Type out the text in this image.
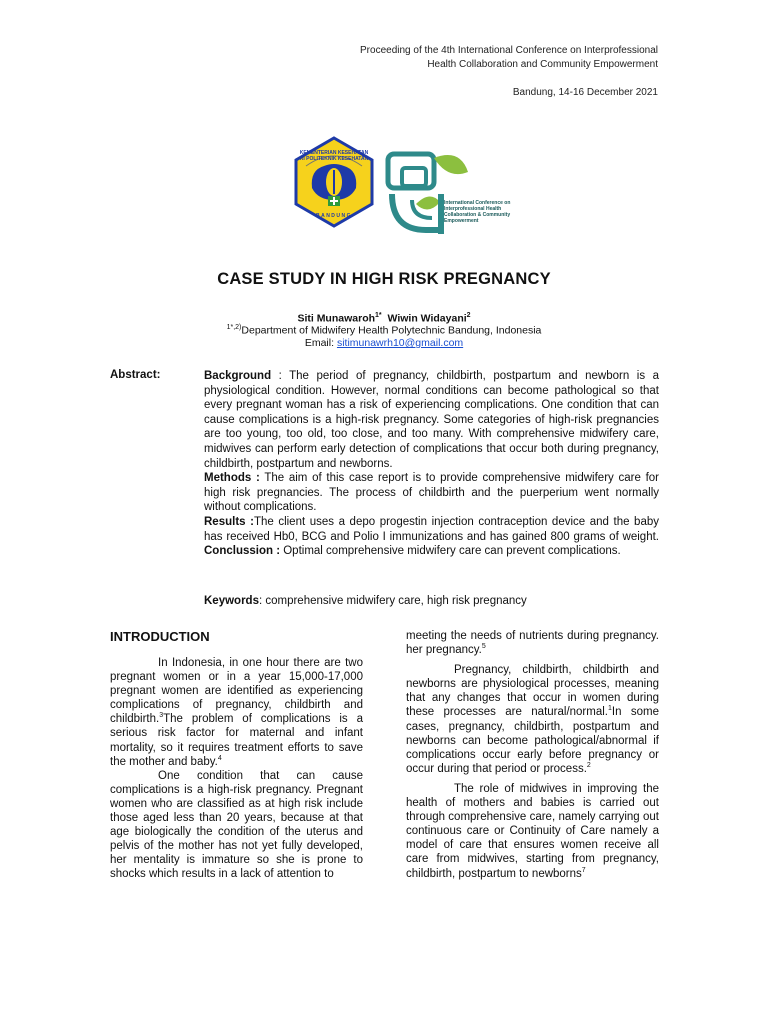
Proceeding of the 4th International Conference on Interprofessional
Health Collaboration and Community Empowerment
Bandung, 14-16 December 2021
KEMENTERIAN KESEHATAN RI POLITEKNIK KESEHATAN
BANDUNG
International Conference on Interprofessional Health Collaboration & Community Empowerment
CASE STUDY IN HIGH RISK PREGNANCY
Siti Munawaroh$^{1*}$ Wiwin Widayani$^2$
$^{1*,2)}$Department of Midwifery Health Polytechnic Bandung, Indonesia
Email: sitimunawrh10@gmail.com
Abstract:	Background : The period of pregnancy, childbirth, postpartum and newborn is a physiological condition. However, normal conditions can become pathological so that every pregnant woman has a risk of experiencing complications. One condition that can cause complications is a high-risk pregnancy. Some categories of high-risk pregnancies are too young, too old, too close, and too many. With comprehensive midwifery care, midwives can perform early detection of complications that occur both during pregnancy, childbirth, postpartum and newborns.

Methods : The aim of this case report is to provide comprehensive midwifery care for high risk pregnancies. The process of childbirth and the puerperium went normally without complications.

Results :The client uses a depo progestin injection contraception device and the baby has received Hb0, BCG and Polio I immunizations and has gained 800 grams of weight. Conclussion : Optimal comprehensive midwifery care can prevent complications.

Keywords: comprehensive midwifery care, high risk pregnancy
INTRODUCTION

In Indonesia, in one hour there are two pregnant women or in a year 15,000-17,000 pregnant women are identified as experiencing complications of pregnancy, childbirth and childbirth.$^3$The problem of complications is a serious risk factor for maternal and infant mortality, so it requires treatment efforts to save the mother and baby.$^4$

One condition that can cause complications is a high-risk pregnancy. Pregnant women who are classified as at high risk include those aged less than 20 years, because at that age biologically the condition of the uterus and pelvis of the mother has not yet fully developed, her mentality is immature so she is prone to shocks which results in a lack of attention to

meeting the needs of nutrients during pregnancy. her pregnancy.$^5$

Pregnancy, childbirth, childbirth and newborns are physiological processes, meaning that any changes that occur in women during these processes are natural/normal.$^1$In some cases, pregnancy, childbirth, postpartum and newborns can become pathological/abnormal if complications occur early before pregnancy or occur during that period or process.$^2$

The role of midwives in improving the health of mothers and babies is carried out through comprehensive care, namely carrying out continuous care or Continuity of Care namely a model of care that ensures women receive all care from midwives, starting from pregnancy, childbirth, postpartum to newborns$^7$
